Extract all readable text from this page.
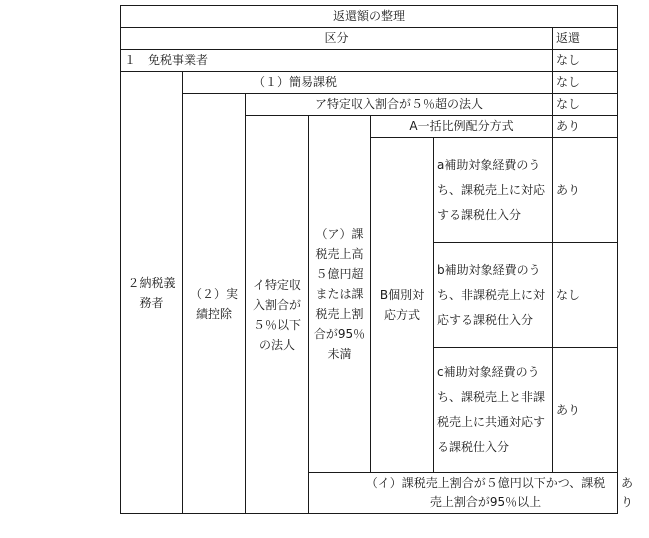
返還額の整理							
区分						返還	
１　免税事業者						なし	
２納税義務者	（１）簡易課税					なし	
	（２）実績控除	ア特定収入割合が５％超の法人				なし	
		イ特定収入割合が５％以下の法人	（ア）課税売上高５億円超または課税売上割合が95％未満	A一括比例配分方式		あり	
				B個別対応方式	a補助対象経費のうち、課税売上に対応する課税仕入分	あり	

					b補助対象経費のうち、非課税売上に対応する課税仕入分	なし	
					c補助対象経費のうち、課税売上と非課税売上に共通対応する課税仕入分	あり	

			（イ）課税売上割合が５億円以下かつ、課税売上割合が95％以上				あり
